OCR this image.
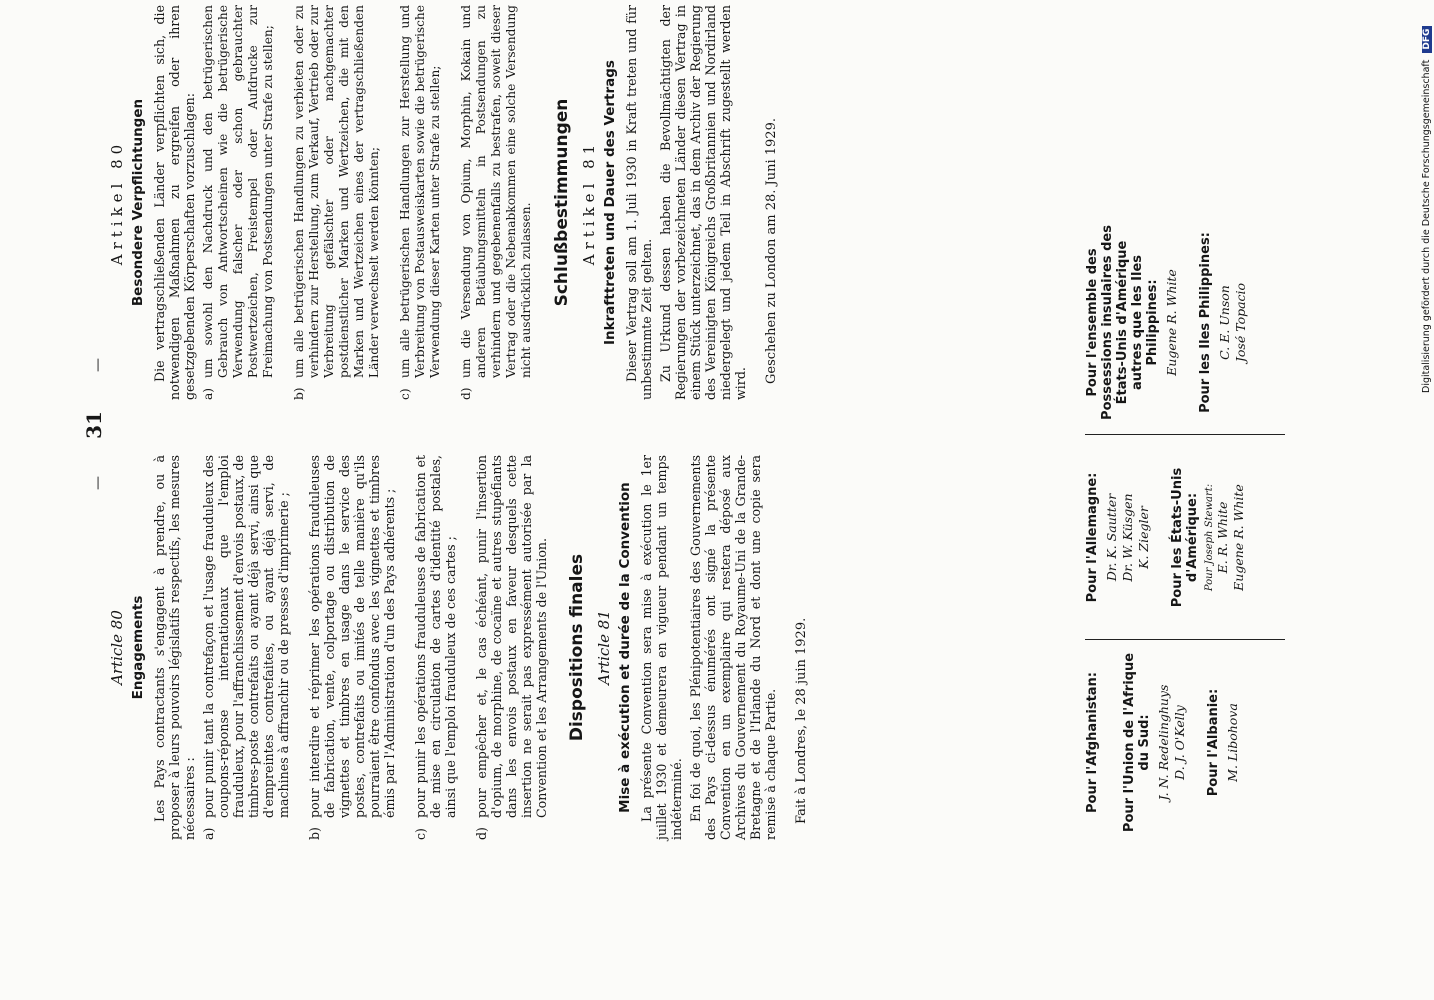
—
31
—
Article 80 Engagements Les Pays contractants s'engagent à prendre, ou à proposer à leurs pouvoirs législatifs respectifs, les mesures nécessaires : a)
pour punir tant la contrefaçon et l'usage frauduleux des coupons-réponse internationaux que l'emploi frauduleux, pour l'affranchissement d'envois postaux, de timbres-poste contrefaits ou ayant déjà servi, ainsi que d'empreintes contrefaites, ou ayant déjà servi, de machines à affranchir ou de presses d'imprimerie ;
b)
pour interdire et réprimer les opérations frauduleuses de fabrication, vente, colportage ou distribution de vignettes et timbres en usage dans le service des postes, contrefaits ou imités de telle manière qu'ils pourraient être confondus avec les vignettes et timbres émis par l'Administration d'un des Pays adhérents ;
c)
pour punir les opérations frauduleuses de fabrication et de mise en circulation de cartes d'identité postales, ainsi que l'emploi frauduleux de ces cartes ;
d)
pour empêcher et, le cas échéant, punir l'insertion d'opium, de morphine, de cocaïne et autres stupéfiants dans les envois postaux en faveur desquels cette insertion ne serait pas expressément autorisée par la Convention et les Arrangements de l'Union. Dispositions finales Article 81 Mise à exécution et durée de la Convention La présente Convention sera mise à exécution le 1er juillet 1930 et demeurera en vigueur pendant un temps indéterminé. En foi de quoi, les Plénipotentiaires des Gouvernements des Pays ci-dessus énumérés ont signé la présente Convention en un exemplaire qui restera déposé aux Archives du Gouvernement du Royaume-Uni de la Grande-Bretagne et de l'Irlande du Nord et dont une copie sera remise à chaque Partie. Fait à Londres, le 28 juin 1929.
Artikel 80 Besondere Verpflichtungen Die vertragschließenden Länder verpflichten sich, die notwendigen Maßnahmen zu ergreifen oder ihren gesetzgebenden Körperschaften vorzuschlagen: a)
um sowohl den Nachdruck und den betrügerischen Gebrauch von Antwortscheinen wie die betrügerische Verwendung falscher oder schon gebrauchter Postwertzeichen, Freistempel oder Aufdrucke zur Freimachung von Postsendungen unter Strafe zu stellen;
b)
um alle betrügerischen Handlungen zu verbieten oder zu verhindern zur Herstellung, zum Verkauf, Vertrieb oder zur Verbreitung gefälschter oder nachgemachter postdienstlicher Marken und Wertzeichen, die mit den Marken und Wertzeichen eines der vertragschließenden Länder verwechselt werden könnten;
c)
um alle betrügerischen Handlungen zur Herstellung und Verbreitung von Postausweiskarten sowie die betrügerische Verwendung dieser Karten unter Strafe zu stellen;
d)
um die Versendung von Opium, Morphin, Kokain und anderen Betäubungsmitteln in Postsendungen zu verhindern und gegebenenfalls zu bestrafen, soweit dieser Vertrag oder die Nebenabkommen eine solche Versendung nicht ausdrücklich zulassen. Schlußbestimmungen Artikel 81 Inkrafttreten und Dauer des Vertrags Dieser Vertrag soll am 1. Juli 1930 in Kraft treten und für unbestimmte Zeit gelten. Zu Urkund dessen haben die Bevollmächtigten der Regierungen der vorbezeichneten Länder diesen Vertrag in einem Stück unterzeichnet, das in dem Archiv der Regierung des Vereinigten Königreichs Großbritannien und Nordirland niedergelegt und jedem Teil in Abschrift zugestellt werden wird. Geschehen zu London am 28. Juni 1929.
Pour l'Afghanistan: Pour l'Union de l'Afrique du Sud: J. N. Redelinghuys D. J. O'Kelly Pour l'Albanie: M. Libohova
Pour l'Allemagne: Dr. K. Sautter Dr. W. Küsgen K. Ziegler Pour les États-Unis d'Amérique: Pour Joseph Stewart: E. R. White Eugene R. White
Pour l'ensemble des Possessions insulaires des États-Unis d'Amérique autres que les Iles Philippines: Eugene R. White Pour les Iles Philippines: C. E. Unson José Topacio	Digitalisierung gefördert durch die Deutsche Forschungsgemeinschaft DFG
